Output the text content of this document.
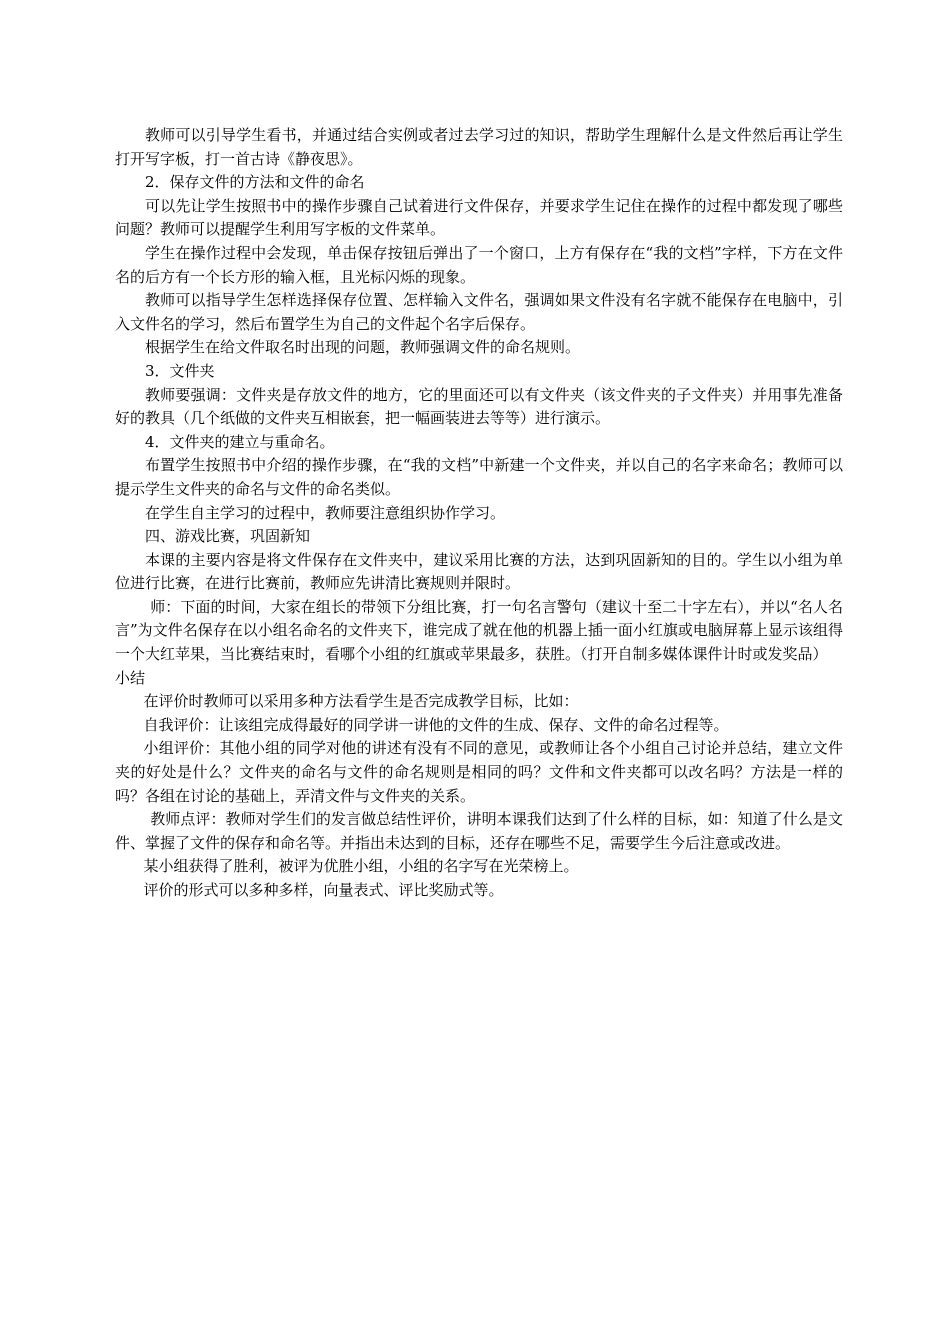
教师可以引导学生看书，并通过结合实例或者过去学习过的知识，帮助学生理解什么是文件然后再让学生打开写字板，打一首古诗《静夜思》。

2．保存文件的方法和文件的命名

可以先让学生按照书中的操作步骤自己试着进行文件保存，并要求学生记住在操作的过程中都发现了哪些问题？教师可以提醒学生利用写字板的文件菜单。

学生在操作过程中会发现，单击保存按钮后弹出了一个窗口，上方有保存在“我的文档”字样，下方在文件名的后方有一个长方形的输入框，且光标闪烁的现象。

教师可以指导学生怎样选择保存位置、怎样输入文件名，强调如果文件没有名字就不能保存在电脑中，引入文件名的学习，然后布置学生为自己的文件起个名字后保存。

根据学生在给文件取名时出现的问题，教师强调文件的命名规则。

3．文件夹

教师要强调：文件夹是存放文件的地方，它的里面还可以有文件夹（该文件夹的子文件夹）并用事先准备好的教具（几个纸做的文件夹互相嵌套，把一幅画装进去等等）进行演示。

4．文件夹的建立与重命名。

布置学生按照书中介绍的操作步骤，在“我的文档”中新建一个文件夹，并以自己的名字来命名；教师可以提示学生文件夹的命名与文件的命名类似。

在学生自主学习的过程中，教师要注意组织协作学习。

四、游戏比赛，巩固新知

本课的主要内容是将文件保存在文件夹中，建议采用比赛的方法，达到巩固新知的目的。学生以小组为单位进行比赛，在进行比赛前，教师应先讲清比赛规则并限时。

师：下面的时间，大家在组长的带领下分组比赛，打一句名言警句（建议十至二十字左右），并以“名人名言”为文件名保存在以小组名命名的文件夹下，谁完成了就在他的机器上插一面小红旗或电脑屏幕上显示该组得一个大红苹果，当比赛结束时，看哪个小组的红旗或苹果最多，获胜。（打开自制多媒体课件计时或发奖品）

小结

在评价时教师可以采用多种方法看学生是否完成教学目标，比如：

自我评价：让该组完成得最好的同学讲一讲他的文件的生成、保存、文件的命名过程等。

小组评价：其他小组的同学对他的讲述有没有不同的意见，或教师让各个小组自己讨论并总结，建立文件夹的好处是什么？文件夹的命名与文件的命名规则是相同的吗？文件和文件夹都可以改名吗？方法是一样的吗？各组在讨论的基础上，弄清文件与文件夹的关系。

教师点评：教师对学生们的发言做总结性评价，讲明本课我们达到了什么样的目标，如：知道了什么是文件、掌握了文件的保存和命名等。并指出未达到的目标，还存在哪些不足，需要学生今后注意或改进。

某小组获得了胜利，被评为优胜小组，小组的名字写在光荣榜上。

评价的形式可以多种多样，向量表式、评比奖励式等。
